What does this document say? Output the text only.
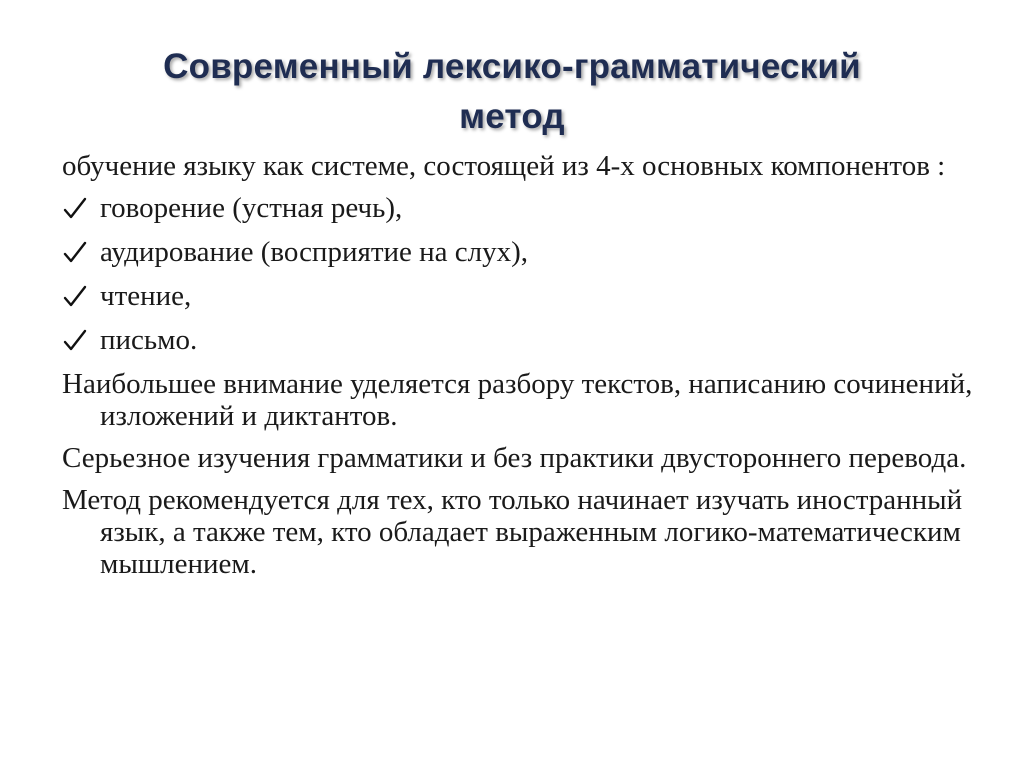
Современный лексико-грамматический
метод

обучение языку как системе, состоящей из 4-х основных компонентов :

говорение (устная речь),
аудирование (восприятие на слух),
чтение,
письмо.

Наибольшее внимание уделяется разбору текстов, написанию сочинений, изложений и диктантов.

Серьезное изучения грамматики и без практики двустороннего перевода.

Метод рекомендуется для тех, кто только начинает изучать иностранный язык, а также тем, кто обладает выраженным логико-математическим мышлением.
